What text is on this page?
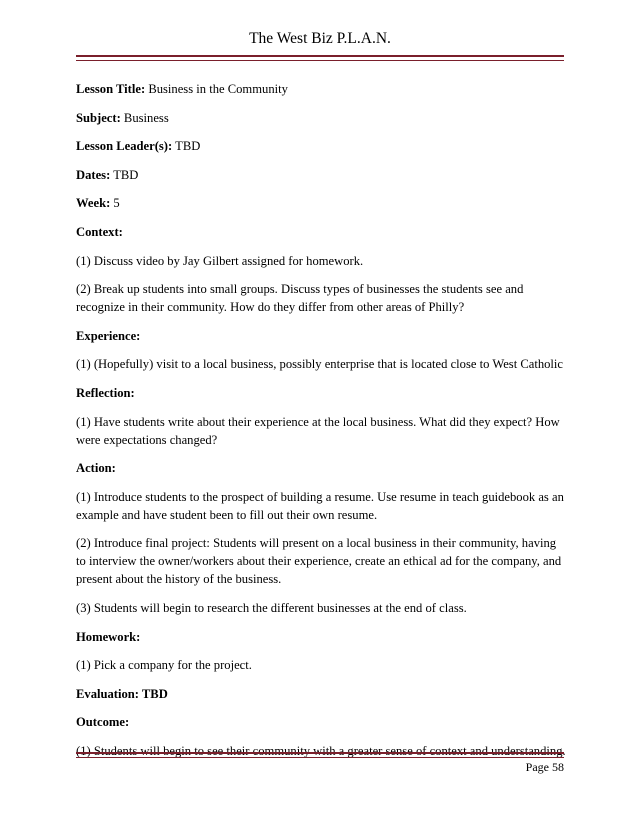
The West Biz P.L.A.N.

Lesson Title: Business in the Community

Subject: Business

Lesson Leader(s): TBD

Dates: TBD

Week: 5

Context:

(1) Discuss video by Jay Gilbert assigned for homework.

(2) Break up students into small groups. Discuss types of businesses the students see and recognize in their community. How do they differ from other areas of Philly?

Experience:

(1) (Hopefully) visit to a local business, possibly enterprise that is located close to West Catholic

Reflection:

(1) Have students write about their experience at the local business. What did they expect? How were expectations changed?

Action:

(1) Introduce students to the prospect of building a resume. Use resume in teach guidebook as an example and have student been to fill out their own resume.

(2) Introduce final project: Students will present on a local business in their community, having to interview the owner/workers about their experience, create an ethical ad for the company, and present about the history of the business.

(3) Students will begin to research the different businesses at the end of class.

Homework:

(1) Pick a company for the project.

Evaluation: TBD

Outcome:

(1) Students will begin to see their community with a greater sense of context and understanding.

Page 58
